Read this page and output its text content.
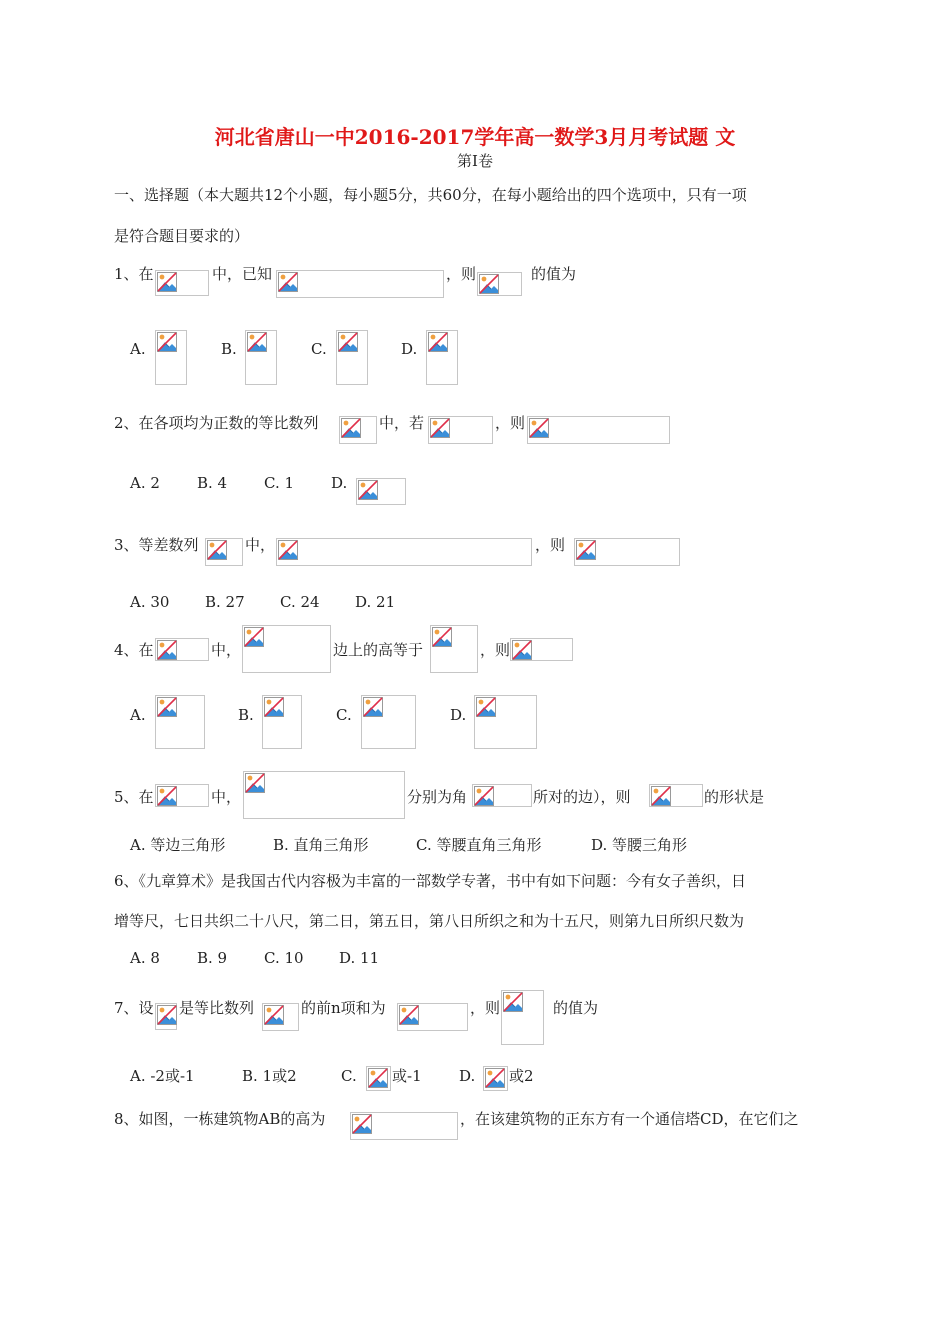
河北省唐山一中2016-2017学年高一数学3月月考试题 文
第Ⅰ卷
一、选择题（本大题共12个小题，每小题5分，共60分，在每小题给出的四个选项中，只有一项
是符合题目要求的）
1、在	中，已知	，则	的值为
A.	B.	C.	D.
2、在各项均为正数的等比数列	中，若	，则
A. 2 B. 4 C. 1 D.
3、等差数列	中，	，则
A. 30 B. 27 C. 24 D. 21
4、在	中，	边上的高等于	，则
A.	B.	C.	D.
5、在	中，	分别为角	所对的边），则	的形状是
A. 等边三角形	B. 直角三角形	C. 等腰直角三角形	D. 等腰三角形
6、《九章算术》是我国古代内容极为丰富的一部数学专著，书中有如下问题：今有女子善织，日
增等尺，七日共织二十八尺，第二日，第五日，第八日所织之和为十五尺，则第九日所织尺数为
A. 8 B. 9 C. 10 D. 11
7、设 是等比数列	的前n项和为	，则	的值为
A. -2或-1	B. 1或2	C. 或-1 D. 或2
8、如图，一栋建筑物AB的高为	，在该建筑物的正东方有一个通信塔CD，在它们之
